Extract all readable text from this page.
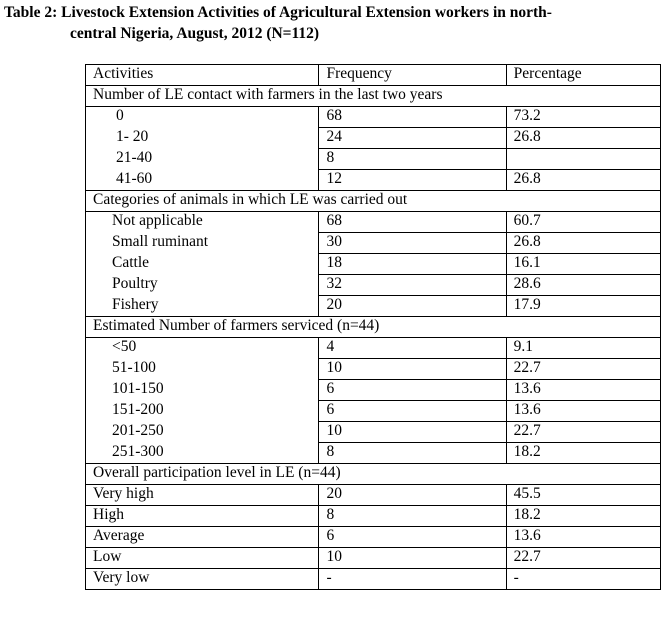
Table 2: Livestock Extension Activities of Agricultural Extension workers in north-
central Nigeria, August, 2012 (N=112)
Activities	Frequency	Percentage
Number of LE contact with farmers in the last two years		
0	68	73.2
1- 20	24	26.8
21-40	8	
41-60	12	26.8
Categories of animals in which LE was carried out		
Not applicable	68	60.7
Small ruminant	30	26.8
Cattle	18	16.1
Poultry	32	28.6
Fishery	20	17.9
Estimated Number of farmers serviced (n=44)		
<50	4	9.1
51-100	10	22.7
101-150	6	13.6
151-200	6	13.6
201-250	10	22.7
251-300	8	18.2
Overall participation level in LE (n=44)		
Very high	20	45.5
High	8	18.2
Average	6	13.6
Low	10	22.7
Very low	-	-
